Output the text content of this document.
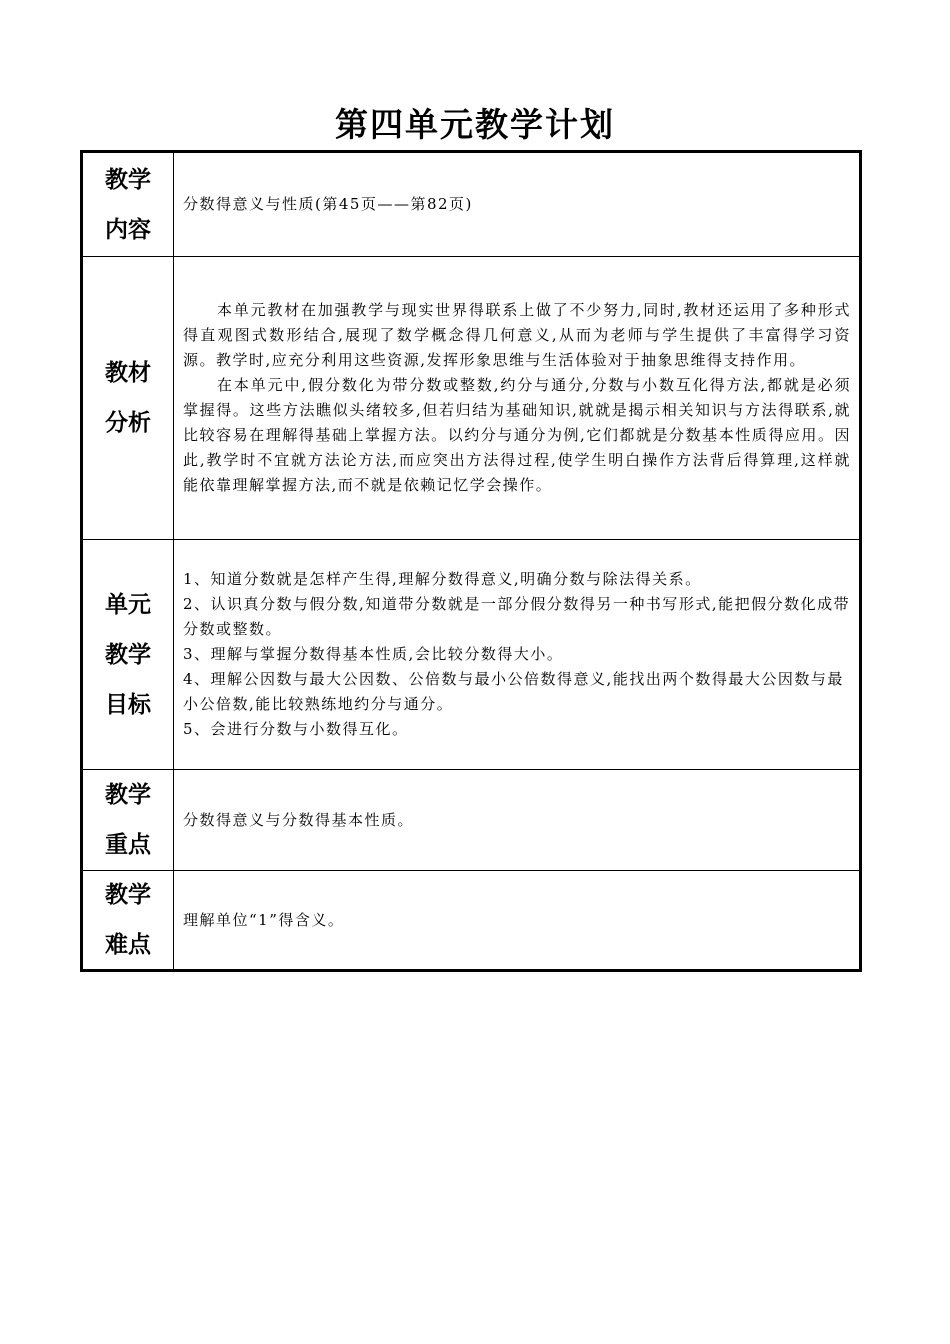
第四单元教学计划
教学
内容

分数得意义与性质(第45页——第82页)

教材
分析

本单元教材在加强教学与现实世界得联系上做了不少努力,同时,教材还运用了多种形式得直观图式数形结合,展现了数学概念得几何意义,从而为老师与学生提供了丰富得学习资源。教学时,应充分利用这些资源,发挥形象思维与生活体验对于抽象思维得支持作用。

在本单元中,假分数化为带分数或整数,约分与通分,分数与小数互化得方法,都就是必须掌握得。这些方法瞧似头绪较多,但若归结为基础知识,就就是揭示相关知识与方法得联系,就比较容易在理解得基础上掌握方法。以约分与通分为例,它们都就是分数基本性质得应用。因此,教学时不宜就方法论方法,而应突出方法得过程,使学生明白操作方法背后得算理,这样就能依靠理解掌握方法,而不就是依赖记忆学会操作。

单元
教学
目标

1、知道分数就是怎样产生得,理解分数得意义,明确分数与除法得关系。

2、认识真分数与假分数,知道带分数就是一部分假分数得另一种书写形式,能把假分数化成带分数或整数。

3、理解与掌握分数得基本性质,会比较分数得大小。

4、理解公因数与最大公因数、公倍数与最小公倍数得意义,能找出两个数得最大公因数与最小公倍数,能比较熟练地约分与通分。

5、会进行分数与小数得互化。

教学
重点

分数得意义与分数得基本性质。

教学
难点

理解单位“1”得含义。
